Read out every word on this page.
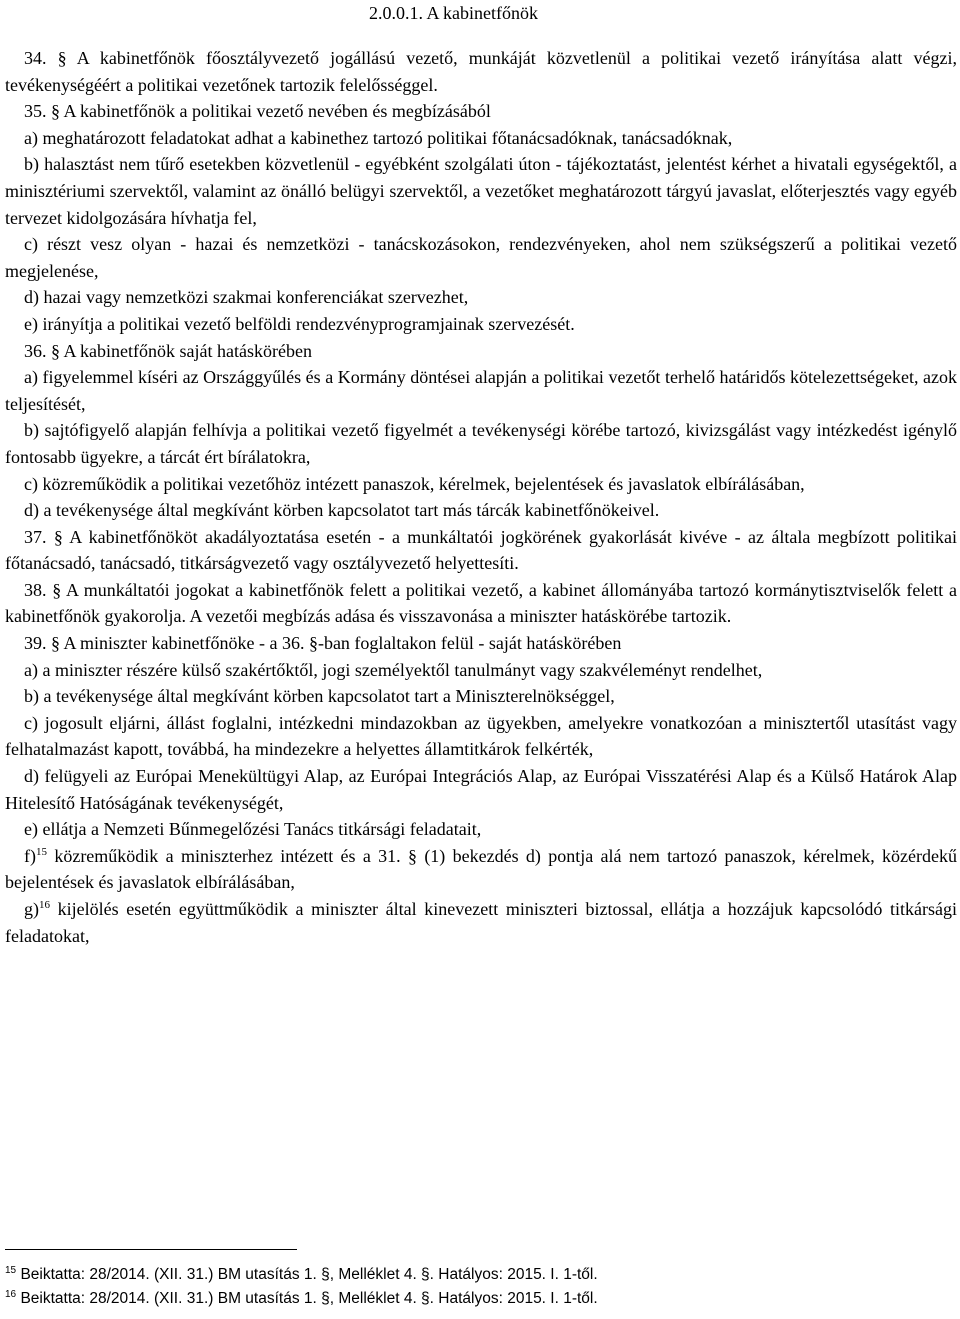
2.0.0.1. A kabinetfőnök

34. § A kabinetfőnök főosztályvezető jogállású vezető, munkáját közvetlenül a politikai vezető irányítása alatt végzi, tevékenységéért a politikai vezetőnek tartozik felelősséggel.

35. § A kabinetfőnök a politikai vezető nevében és megbízásából

a) meghatározott feladatokat adhat a kabinethez tartozó politikai főtanácsadóknak, tanácsadóknak,

b) halasztást nem tűrő esetekben közvetlenül - egyébként szolgálati úton - tájékoztatást, jelentést kérhet a hivatali egységektől, a minisztériumi szervektől, valamint az önálló belügyi szervektől, a vezetőket meghatározott tárgyú javaslat, előterjesztés vagy egyéb tervezet kidolgozására hívhatja fel,

c) részt vesz olyan - hazai és nemzetközi - tanácskozásokon, rendezvényeken, ahol nem szükségszerű a politikai vezető megjelenése,

d) hazai vagy nemzetközi szakmai konferenciákat szervezhet,

e) irányítja a politikai vezető belföldi rendezvényprogramjainak szervezését.

36. § A kabinetfőnök saját hatáskörében

a) figyelemmel kíséri az Országgyűlés és a Kormány döntései alapján a politikai vezetőt terhelő határidős kötelezettségeket, azok teljesítését,

b) sajtófigyelő alapján felhívja a politikai vezető figyelmét a tevékenységi körébe tartozó, kivizsgálást vagy intézkedést igénylő fontosabb ügyekre, a tárcát ért bírálatokra,

c) közreműködik a politikai vezetőhöz intézett panaszok, kérelmek, bejelentések és javaslatok elbírálásában,

d) a tevékenysége által megkívánt körben kapcsolatot tart más tárcák kabinetfőnökeivel.

37. § A kabinetfőnököt akadályoztatása esetén - a munkáltatói jogkörének gyakorlását kivéve - az általa megbízott politikai főtanácsadó, tanácsadó, titkárságvezető vagy osztályvezető helyettesíti.

38. § A munkáltatói jogokat a kabinetfőnök felett a politikai vezető, a kabinet állományába tartozó kormánytisztviselők felett a kabinetfőnök gyakorolja. A vezetői megbízás adása és visszavonása a miniszter hatáskörébe tartozik.

39. § A miniszter kabinetfőnöke - a 36. §-ban foglaltakon felül - saját hatáskörében

a) a miniszter részére külső szakértőktől, jogi személyektől tanulmányt vagy szakvéleményt rendelhet,

b) a tevékenysége által megkívánt körben kapcsolatot tart a Miniszterelnökséggel,

c) jogosult eljárni, állást foglalni, intézkedni mindazokban az ügyekben, amelyekre vonatkozóan a minisztertől utasítást vagy felhatalmazást kapott, továbbá, ha mindezekre a helyettes államtitkárok felkérték,

d) felügyeli az Európai Menekültügyi Alap, az Európai Integrációs Alap, az Európai Visszatérési Alap és a Külső Határok Alap Hitelesítő Hatóságának tevékenységét,

e) ellátja a Nemzeti Bűnmegelőzési Tanács titkársági feladatait,

f)$^{15}$ közreműködik a miniszterhez intézett és a 31. § (1) bekezdés d) pontja alá nem tartozó panaszok, kérelmek, közérdekű bejelentések és javaslatok elbírálásában,

g)$^{16}$ kijelölés esetén együttműködik a miniszter által kinevezett miniszteri biztossal, ellátja a hozzájuk kapcsolódó titkársági feladatokat,

$^{15}$ Beiktatta: 28/2014. (XII. 31.) BM utasítás 1. §, Melléklet 4. §. Hatályos: 2015. I. 1-től.
$^{16}$ Beiktatta: 28/2014. (XII. 31.) BM utasítás 1. §, Melléklet 4. §. Hatályos: 2015. I. 1-től.
